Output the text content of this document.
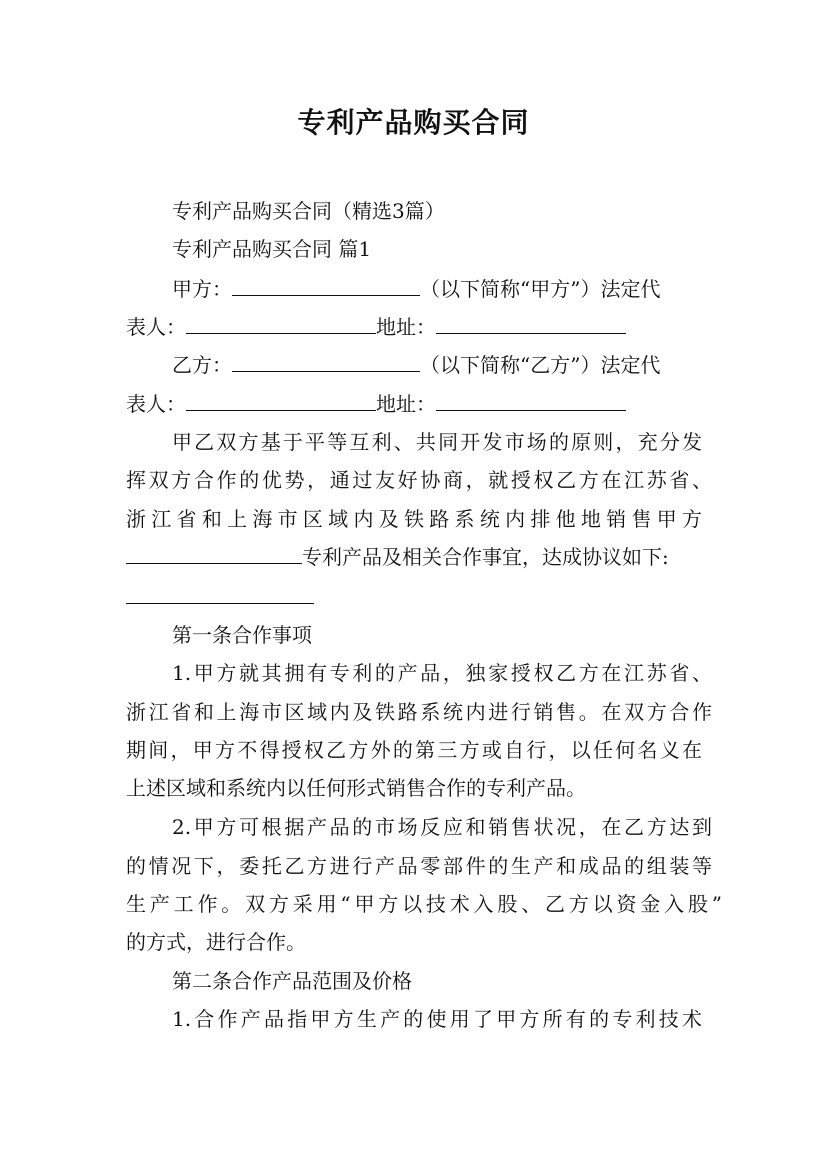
专利产品购买合同
专利产品购买合同（精选3篇）
专利产品购买合同 篇1
甲方：	（以下简称“甲方”）法定代
表人：	地址：
乙方：	（以下简称“乙方”）法定代
表人：	地址：
甲乙双方基于平等互利、共同开发市场的原则，充分发
挥双方合作的优势，通过友好协商，就授权乙方在江苏省、
浙江省和上海市区域内及铁路系统内排他地销售甲方
专利产品及相关合作事宜，达成协议如下:
第一条合作事项
1.甲方就其拥有专利的产品，独家授权乙方在江苏省、
浙江省和上海市区域内及铁路系统内进行销售。在双方合作
期间，甲方不得授权乙方外的第三方或自行，以任何名义在
上述区域和系统内以任何形式销售合作的专利产品。
2.甲方可根据产品的市场反应和销售状况，在乙方达到
的情况下，委托乙方进行产品零部件的生产和成品的组装等
生产工作。双方采用“甲方以技术入股、乙方以资金入股”
的方式，进行合作。
第二条合作产品范围及价格
1.合作产品指甲方生产的使用了甲方所有的专利技术
